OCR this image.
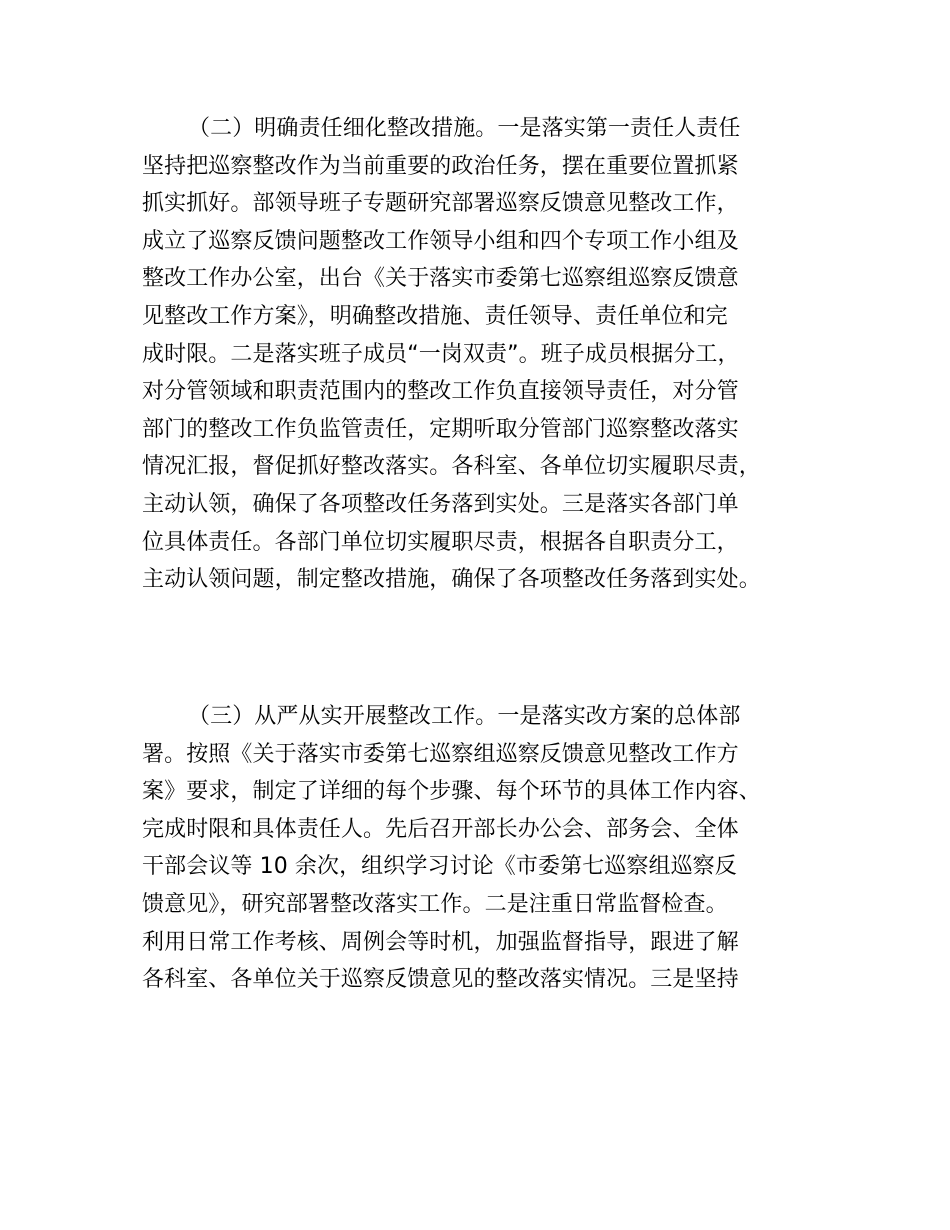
（二）明确责任细化整改措施。一是落实第一责任人责任
坚持把巡察整改作为当前重要的政治任务，摆在重要位置抓紧
抓实抓好。部领导班子专题研究部署巡察反馈意见整改工作，
成立了巡察反馈问题整改工作领导小组和四个专项工作小组及
整改工作办公室，出台《关于落实市委第七巡察组巡察反馈意
见整改工作方案》，明确整改措施、责任领导、责任单位和完
成时限。二是落实班子成员“一岗双责”。班子成员根据分工，
对分管领域和职责范围内的整改工作负直接领导责任，对分管
部门的整改工作负监管责任，定期听取分管部门巡察整改落实
情况汇报，督促抓好整改落实。各科室、各单位切实履职尽责，
主动认领，确保了各项整改任务落到实处。三是落实各部门单
位具体责任。各部门单位切实履职尽责，根据各自职责分工，
主动认领问题，制定整改措施，确保了各项整改任务落到实处。
（三）从严从实开展整改工作。一是落实改方案的总体部
署。按照《关于落实市委第七巡察组巡察反馈意见整改工作方
案》要求，制定了详细的每个步骤、每个环节的具体工作内容、
完成时限和具体责任人。先后召开部长办公会、部务会、全体
干部会议等 10 余次，组织学习讨论《市委第七巡察组巡察反
馈意见》，研究部署整改落实工作。二是注重日常监督检查。
利用日常工作考核、周例会等时机，加强监督指导，跟进了解
各科室、各单位关于巡察反馈意见的整改落实情况。三是坚持
